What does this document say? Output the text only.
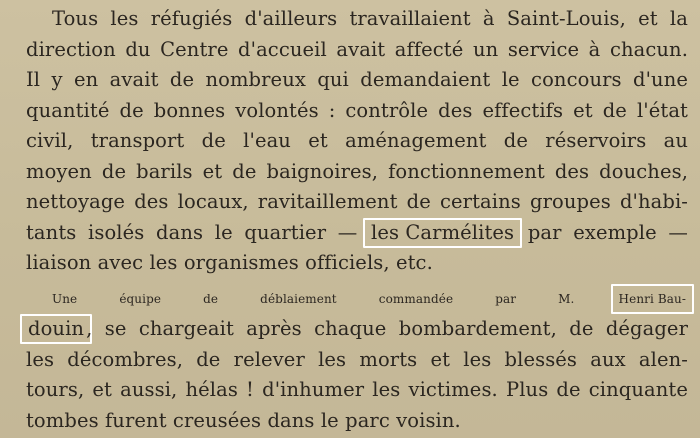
Tous les réfugiés d'ailleurs travaillaient à Saint-Louis, et la
direction du Centre d'accueil avait affecté un service à chacun.
Il y en avait de nombreux qui demandaient le concours d'une
quantité de bonnes volontés : contrôle des effectifs et de l'état
civil, transport de l'eau et aménagement de réservoirs au
moyen de barils et de baignoires, fonctionnement des douches,
nettoyage des locaux, ravitaillement de certains groupes d'habi-
tants isolés dans le quartier — les Carmélites par exemple —
liaison avec les organismes officiels, etc.
Une équipe de déblaiement commandée par M. Henri Bau-
douin , se chargeait après chaque bombardement, de dégager
les décombres, de relever les morts et les blessés aux alen-
tours, et aussi, hélas ! d'inhumer les victimes. Plus de cinquante
tombes furent creusées dans le parc voisin.
